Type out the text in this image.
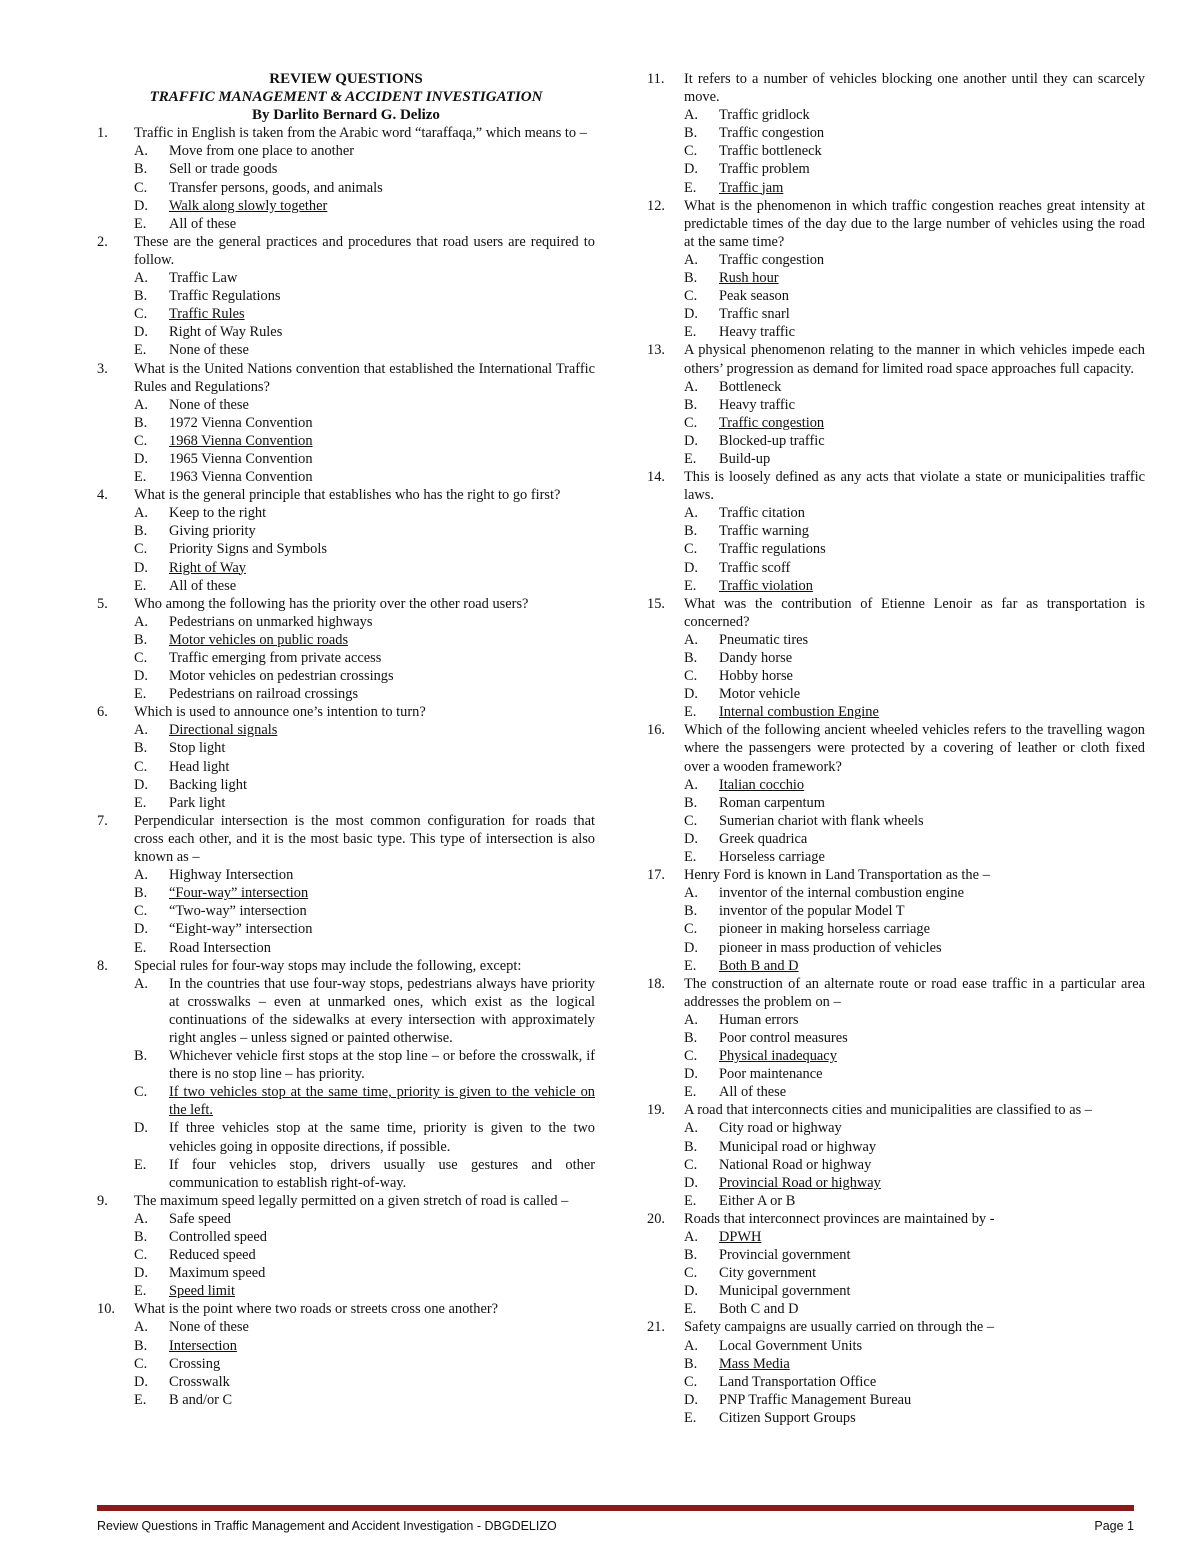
REVIEW QUESTIONS
TRAFFIC MANAGEMENT & ACCIDENT INVESTIGATION
By Darlito Bernard G. Delizo
1.	Traffic in English is taken from the Arabic word “taraffaqa,” which means to –
A.	Move from one place to another
B.	Sell or trade goods
C.	Transfer persons, goods, and animals
D.	Walk along slowly together
E.	All of these
2.	These are the general practices and procedures that road users are required to follow.
A.	Traffic Law
B.	Traffic Regulations
C.	Traffic Rules
D.	Right of Way Rules
E.	None of these
3.	What is the United Nations convention that established the International Traffic Rules and Regulations?
A.	None of these
B.	1972 Vienna Convention
C.	1968 Vienna Convention
D.	1965 Vienna Convention
E.	1963 Vienna Convention
4.	What is the general principle that establishes who has the right to go first?
A.	Keep to the right
B.	Giving priority
C.	Priority Signs and Symbols
D.	Right of Way
E.	All of these
5.	Who among the following has the priority over the other road users?
A.	Pedestrians on unmarked highways
B.	Motor vehicles on public roads
C.	Traffic emerging from private access
D.	Motor vehicles on pedestrian crossings
E.	Pedestrians on railroad crossings
6.	Which is used to announce one’s intention to turn?
A.	Directional signals
B.	Stop light
C.	Head light
D.	Backing light
E.	Park light
7.	Perpendicular intersection is the most common configuration for roads that cross each other, and it is the most basic type. This type of intersection is also known as –
A.	Highway Intersection
B.	“Four-way” intersection
C.	“Two-way” intersection
D.	“Eight-way” intersection
E.	Road Intersection
8.	Special rules for four-way stops may include the following, except:
A.	In the countries that use four-way stops, pedestrians always have priority at crosswalks – even at unmarked ones, which exist as the logical continuations of the sidewalks at every intersection with approximately right angles – unless signed or painted otherwise.
B.	Whichever vehicle first stops at the stop line – or before the crosswalk, if there is no stop line – has priority.
C.	If two vehicles stop at the same time, priority is given to the vehicle on the left.
D.	If three vehicles stop at the same time, priority is given to the two vehicles going in opposite directions, if possible.
E.	If four vehicles stop, drivers usually use gestures and other communication to establish right-of-way.
9.	The maximum speed legally permitted on a given stretch of road is called –
A.	Safe speed
B.	Controlled speed
C.	Reduced speed
D.	Maximum speed
E.	Speed limit
10.	What is the point where two roads or streets cross one another?
A.	None of these
B.	Intersection
C.	Crossing
D.	Crosswalk
E.	B and/or C
11.	It refers to a number of vehicles blocking one another until they can scarcely move.
A.	Traffic gridlock
B.	Traffic congestion
C.	Traffic bottleneck
D.	Traffic problem
E.	Traffic jam
12.	What is the phenomenon in which traffic congestion reaches great intensity at predictable times of the day due to the large number of vehicles using the road at the same time?
A.	Traffic congestion
B.	Rush hour
C.	Peak season
D.	Traffic snarl
E.	Heavy traffic
13.	A physical phenomenon relating to the manner in which vehicles impede each others’ progression as demand for limited road space approaches full capacity.
A.	Bottleneck
B.	Heavy traffic
C.	Traffic congestion
D.	Blocked-up traffic
E.	Build-up
14.	This is loosely defined as any acts that violate a state or municipalities traffic laws.
A.	Traffic citation
B.	Traffic warning
C.	Traffic regulations
D.	Traffic scoff
E.	Traffic violation
15.	What was the contribution of Etienne Lenoir as far as transportation is concerned?
A.	Pneumatic tires
B.	Dandy horse
C.	Hobby horse
D.	Motor vehicle
E.	Internal combustion Engine
16.	Which of the following ancient wheeled vehicles refers to the travelling wagon where the passengers were protected by a covering of leather or cloth fixed over a wooden framework?
A.	Italian cocchio
B.	Roman carpentum
C.	Sumerian chariot with flank wheels
D.	Greek quadrica
E.	Horseless carriage
17.	Henry Ford is known in Land Transportation as the –
A.	inventor of the internal combustion engine
B.	inventor of the popular Model T
C.	pioneer in making horseless carriage
D.	pioneer in mass production of vehicles
E.	Both B and D
18.	The construction of an alternate route or road ease traffic in a particular area addresses the problem on –
A.	Human errors
B.	Poor control measures
C.	Physical inadequacy
D.	Poor maintenance
E.	All of these
19.	A road that interconnects cities and municipalities are classified to as –
A.	City road or highway
B.	Municipal road or highway
C.	National Road or highway
D.	Provincial Road or highway
E.	Either A or B
20.	Roads that interconnect provinces are maintained by -
A.	DPWH
B.	Provincial government
C.	City government
D.	Municipal government
E.	Both C and D
21.	Safety campaigns are usually carried on through the –
A.	Local Government Units
B.	Mass Media
C.	Land Transportation Office
D.	PNP Traffic Management Bureau
E.	Citizen Support Groups
Review Questions in Traffic Management and Accident Investigation - DBGDELIZO	Page 1
